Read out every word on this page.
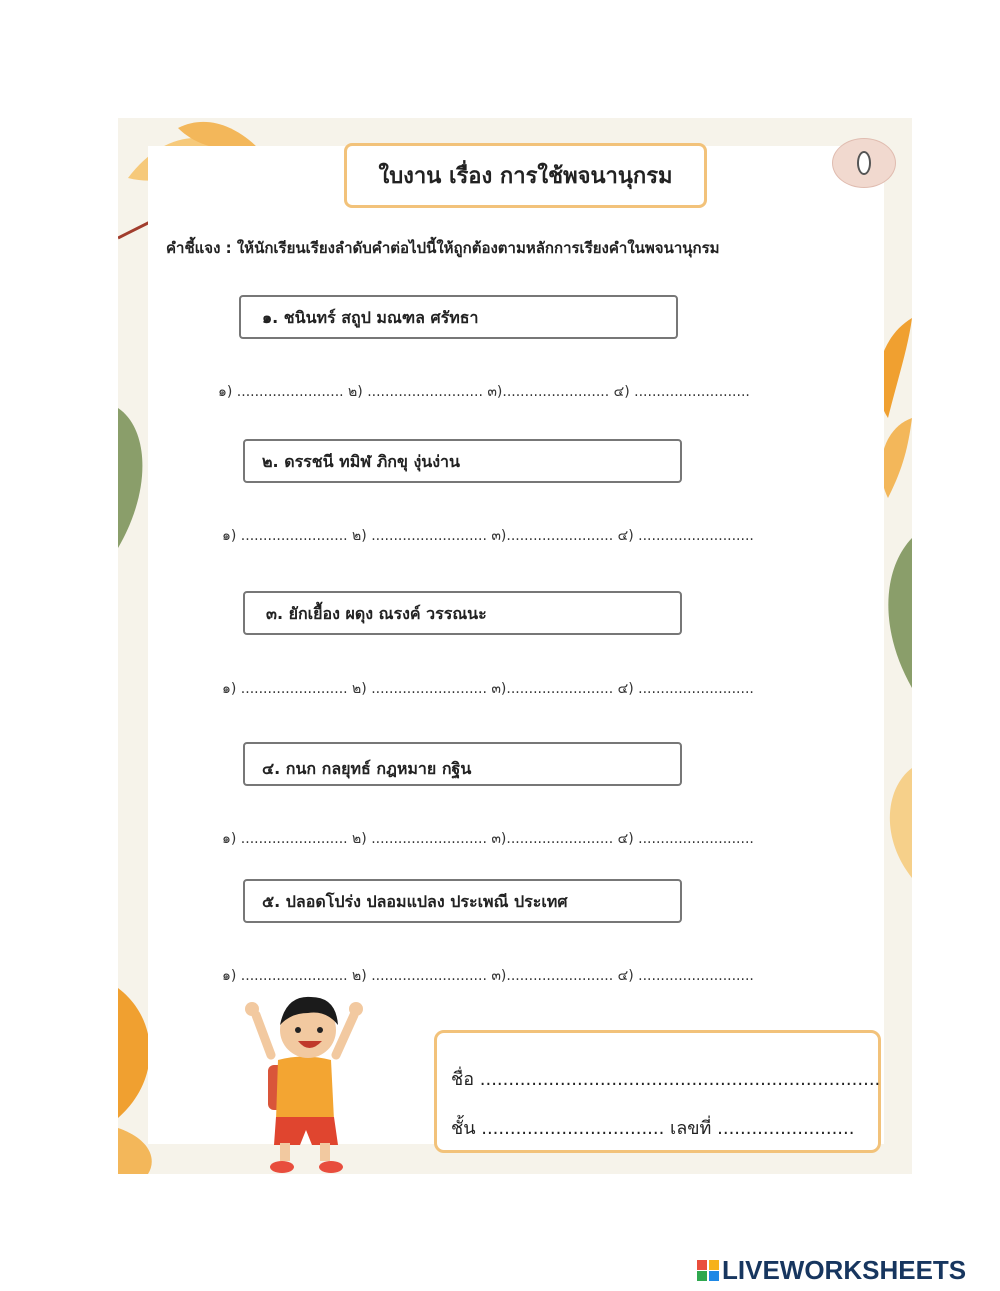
ใบงาน เรื่อง การใช้พจนานุกรม
คำชี้แจง : ให้นักเรียนเรียงลำดับคำต่อไปนี้ให้ถูกต้องตามหลักการเรียงคำในพจนานุกรม
๑. ชนินทร์ สถูป มณฑล ศรัทธา
๑) ........................ ๒) .......................... ๓)........................ ๔) ..........................
๒. ดรรชนี ทมิฬ ภิกขุ งุ่นง่าน
๑) ........................ ๒) .......................... ๓)........................ ๔) ..........................
๓. ยักเยื้อง ผดุง ณรงค์ วรรณนะ
๑) ........................ ๒) .......................... ๓)........................ ๔) ..........................
๔. กนก กลยุทธ์ กฎหมาย กฐิน
๑) ........................ ๒) .......................... ๓)........................ ๔) ..........................
๕. ปลอดโปร่ง ปลอมแปลง ประเพณี ประเทศ
๑) ........................ ๒) .......................... ๓)........................ ๔) ..........................
ชื่อ ......................................................................
ชั้น ................................ เลขที่ ........................
LIVEWORKSHEETS
